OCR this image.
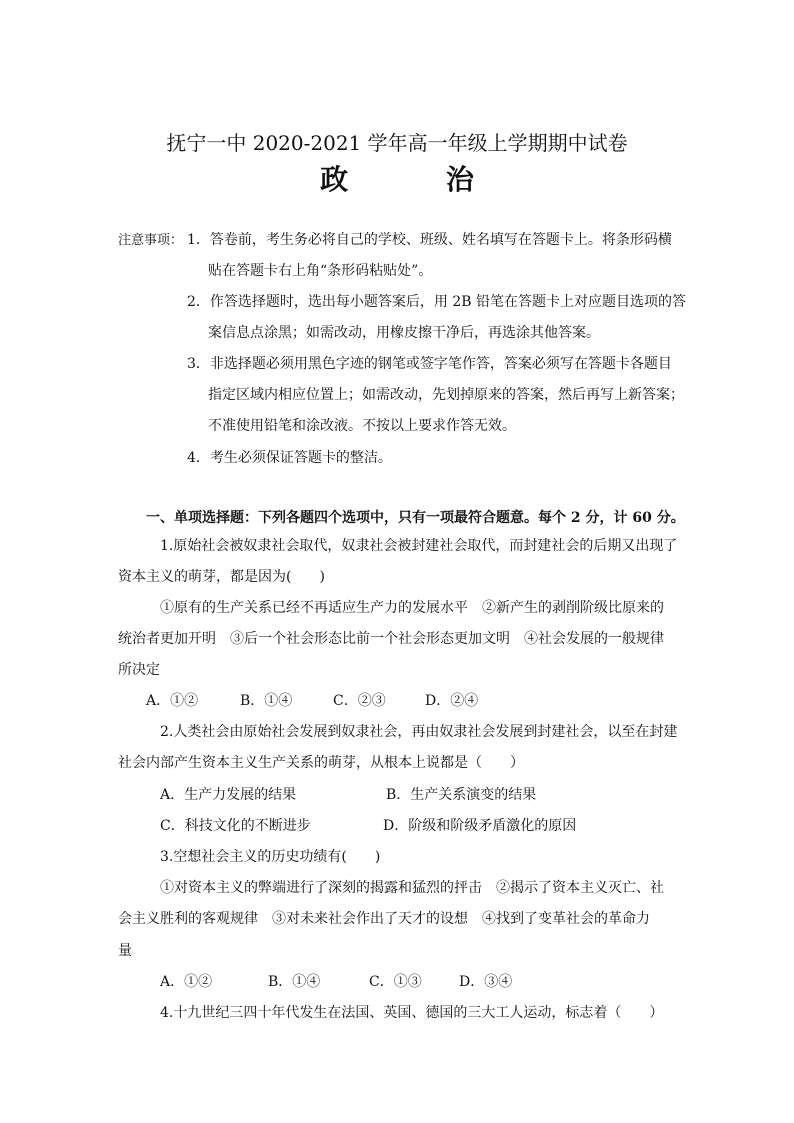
抚宁一中 2020-2021 学年高一年级上学期期中试卷
政 治
注意事项： 1．答卷前，考生务必将自己的学校、班级、姓名填写在答题卡上。将条形码横
贴在答题卡右上角“条形码粘贴处”。
2．作答选择题时，选出每小题答案后，用 2B 铅笔在答题卡上对应题目选项的答
案信息点涂黑；如需改动，用橡皮擦干净后，再选涂其他答案。
3．非选择题必须用黑色字迹的钢笔或签字笔作答，答案必须写在答题卡各题目
指定区域内相应位置上；如需改动，先划掉原来的答案，然后再写上新答案；
不准使用铅笔和涂改液。不按以上要求作答无效。
4．考生必须保证答题卡的整洁。
一、单项选择题：下列各题四个选项中，只有一项最符合题意。每个 2 分，计 60 分。
1.原始社会被奴隶社会取代，奴隶社会被封建社会取代，而封建社会的后期又出现了
资本主义的萌芽，都是因为(　　)
①原有的生产关系已经不再适应生产力的发展水平　②新产生的剥削阶级比原来的
统治者更加开明　③后一个社会形态比前一个社会形态更加文明　④社会发展的一般规律
所决定
A．①②	B．①④	C．②③	D．②④
2.人类社会由原始社会发展到奴隶社会，再由奴隶社会发展到封建社会，以至在封建
社会内部产生资本主义生产关系的萌芽，从根本上说都是（　　）
A．生产力发展的结果	B．生产关系演变的结果
C．科技文化的不断进步	D．阶级和阶级矛盾激化的原因
3.空想社会主义的历史功绩有(　　)
①对资本主义的弊端进行了深刻的揭露和猛烈的抨击　②揭示了资本主义灭亡、社
会主义胜利的客观规律　③对未来社会作出了天才的设想　④找到了变革社会的革命力
量
A．①②	B．①④	C．①③	D．③④
4.十九世纪三四十年代发生在法国、英国、德国的三大工人运动，标志着（　　）
